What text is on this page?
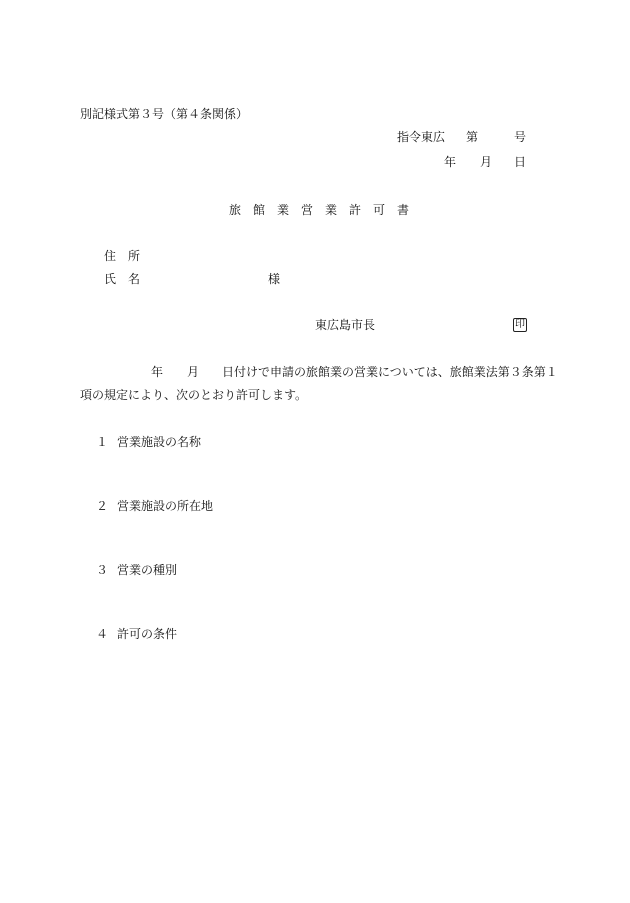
別記様式第３号（第４条関係）
指令東広 第	号
年 月 日
旅　館　業　営　業　許　可　書
住　所
氏　名	様
東広島市長	印
年 月 日付けで申請の旅館業の営業については、旅館業法第３条第１
項の規定により、次のとおり許可します。
１ 営業施設の名称
２ 営業施設の所在地
３ 営業の種別
４ 許可の条件
